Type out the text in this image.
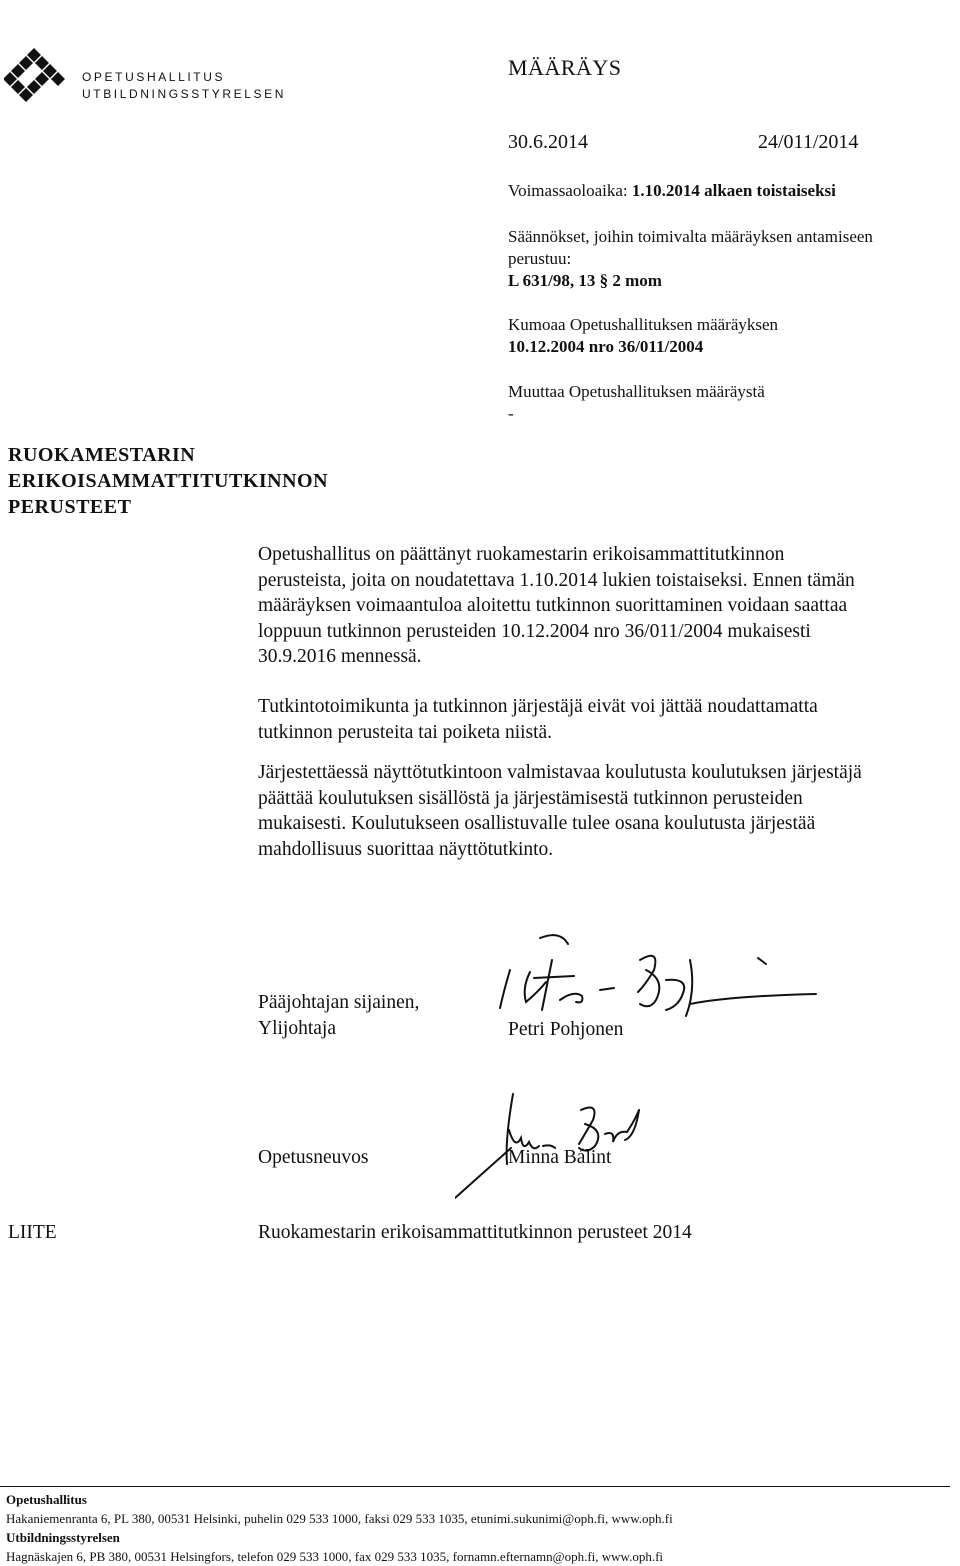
OPETUSHALLITUS
UTBILDNINGSSTYRELSEN
MÄÄRÄYS
30.6.2014	24/011/2014
Voimassaoloaika: 1.10.2014 alkaen toistaiseksi
Säännökset, joihin toimivalta määräyksen antamiseen
perustuu:
L 631/98, 13 § 2 mom
Kumoaa Opetushallituksen määräyksen
10.12.2004 nro 36/011/2004
Muuttaa Opetushallituksen määräystä
-
RUOKAMESTARIN
ERIKOISAMMATTITUTKINNON
PERUSTEET
Opetushallitus on päättänyt ruokamestarin erikoisammattitutkinnon
perusteista, joita on noudatettava 1.10.2014 lukien toistaiseksi. Ennen tämän
määräyksen voimaantuloa aloitettu tutkinnon suorittaminen voidaan saattaa
loppuun tutkinnon perusteiden 10.12.2004 nro 36/011/2004 mukaisesti
30.9.2016 mennessä.
Tutkintotoimikunta ja tutkinnon järjestäjä eivät voi jättää noudattamatta
tutkinnon perusteita tai poiketa niistä.
Järjestettäessä näyttötutkintoon valmistavaa koulutusta koulutuksen järjestäjä
päättää koulutuksen sisällöstä ja järjestämisestä tutkinnon perusteiden
mukaisesti. Koulutukseen osallistuvalle tulee osana koulutusta järjestää
mahdollisuus suorittaa näyttötutkinto.
Pääjohtajan sijainen,
Ylijohtaja	Petri Pohjonen
Opetusneuvos	Minna Bálint
LIITE	Ruokamestarin erikoisammattitutkinnon perusteet 2014
Opetushallitus
Hakaniemenranta 6, PL 380, 00531 Helsinki, puhelin 029 533 1000, faksi 029 533 1035, etunimi.sukunimi@oph.fi, www.oph.fi
Utbildningsstyrelsen
Hagnäskajen 6, PB 380, 00531 Helsingfors, telefon 029 533 1000, fax 029 533 1035, fornamn.efternamn@oph.fi, www.oph.fi
